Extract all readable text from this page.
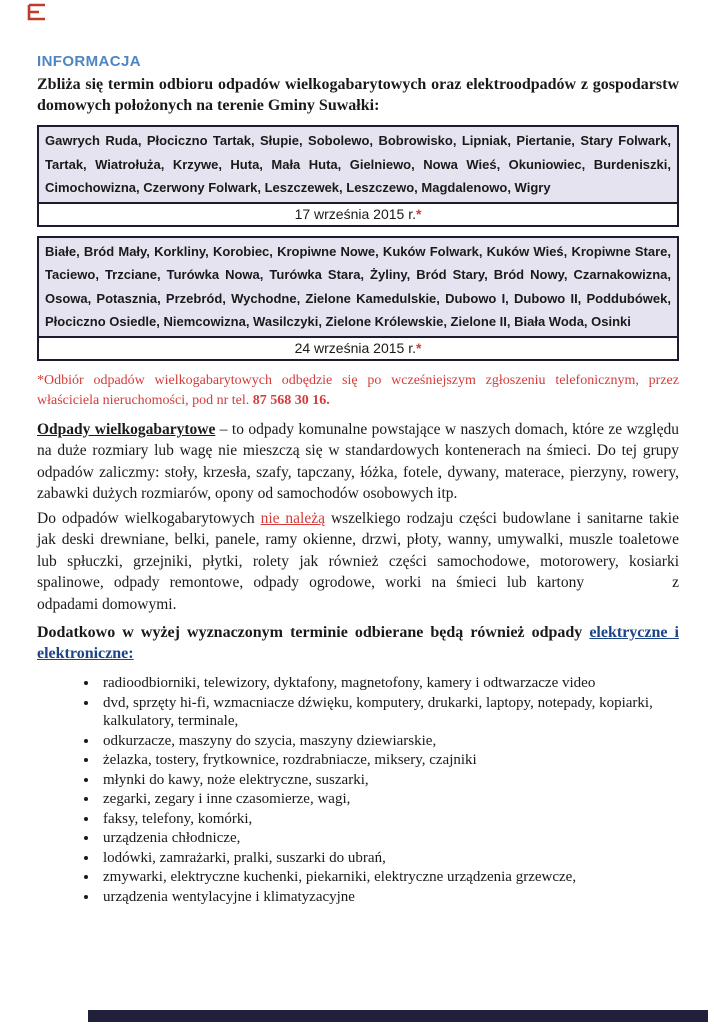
INFORMACJA
Zbliża się termin odbioru odpadów wielkogabarytowych oraz elektroodpadów z gospodarstw domowych położonych na terenie Gminy Suwałki:
Gawrych Ruda, Płociczno Tartak, Słupie, Sobolewo, Bobrowisko, Lipniak, Piertanie, Stary Folwark, Tartak, Wiatrołuża, Krzywe, Huta, Mała Huta, Gielniewo, Nowa Wieś, Okuniowiec, Burdeniszki, Cimochowizna, Czerwony Folwark, Leszczewek, Leszczewo, Magdalenowo, Wigry
17 września 2015 r.*
Białe, Bród Mały, Korkliny, Korobiec, Kropiwne Nowe, Kuków Folwark, Kuków Wieś, Kropiwne Stare, Taciewo, Trzciane, Turówka Nowa, Turówka Stara, Żyliny, Bród Stary, Bród Nowy, Czarnakowizna, Osowa, Potasznia, Przebród, Wychodne, Zielone Kamedulskie, Dubowo I, Dubowo II, Poddubówek, Płociczno Osiedle, Niemcowizna, Wasilczyki, Zielone Królewskie, Zielone II, Biała Woda, Osinki
24 września 2015 r.*
*Odbiór odpadów wielkogabarytowych odbędzie się po wcześniejszym zgłoszeniu telefonicznym, przez właściciela nieruchomości, pod nr tel. 87 568 30 16.
Odpady wielkogabarytowe – to odpady komunalne powstające w naszych domach, które ze względu na duże rozmiary lub wagę nie mieszczą się w standardowych kontenerach na śmieci. Do tej grupy odpadów zaliczmy: stoły, krzesła, szafy, tapczany, łóżka, fotele, dywany, materace, pierzyny, rowery, zabawki dużych rozmiarów, opony od samochodów osobowych itp.
Do odpadów wielkogabarytowych nie należą wszelkiego rodzaju części budowlane i sanitarne takie jak deski drewniane, belki, panele, ramy okienne, drzwi, płoty, wanny, umywalki, muszle toaletowe lub spłuczki, grzejniki, płytki, rolety jak również części samochodowe, motorowery, kosiarki spalinowe, odpady remontowe, odpady ogrodowe, worki na śmieci lub kartony	z odpadami domowymi.
Dodatkowo w wyżej wyznaczonym terminie odbierane będą również odpady elektryczne i elektroniczne:
• radioodbiorniki, telewizory, dyktafony, magnetofony, kamery i odtwarzacze video
• dvd, sprzęty hi-fi, wzmacniacze dźwięku, komputery, drukarki, laptopy, notepady, kopiarki, kalkulatory, terminale,
• odkurzacze, maszyny do szycia, maszyny dziewiarskie,
• żelazka, tostery, frytkownice, rozdrabniacze, miksery, czajniki
• młynki do kawy, noże elektryczne, suszarki,
• zegarki, zegary i inne czasomierze, wagi,
• faksy, telefony, komórki,
• urządzenia chłodnicze,
• lodówki, zamrażarki, pralki, suszarki do ubrań,
• zmywarki, elektryczne kuchenki, piekarniki, elektryczne urządzenia grzewcze,
• urządzenia wentylacyjne i klimatyzacyjne
